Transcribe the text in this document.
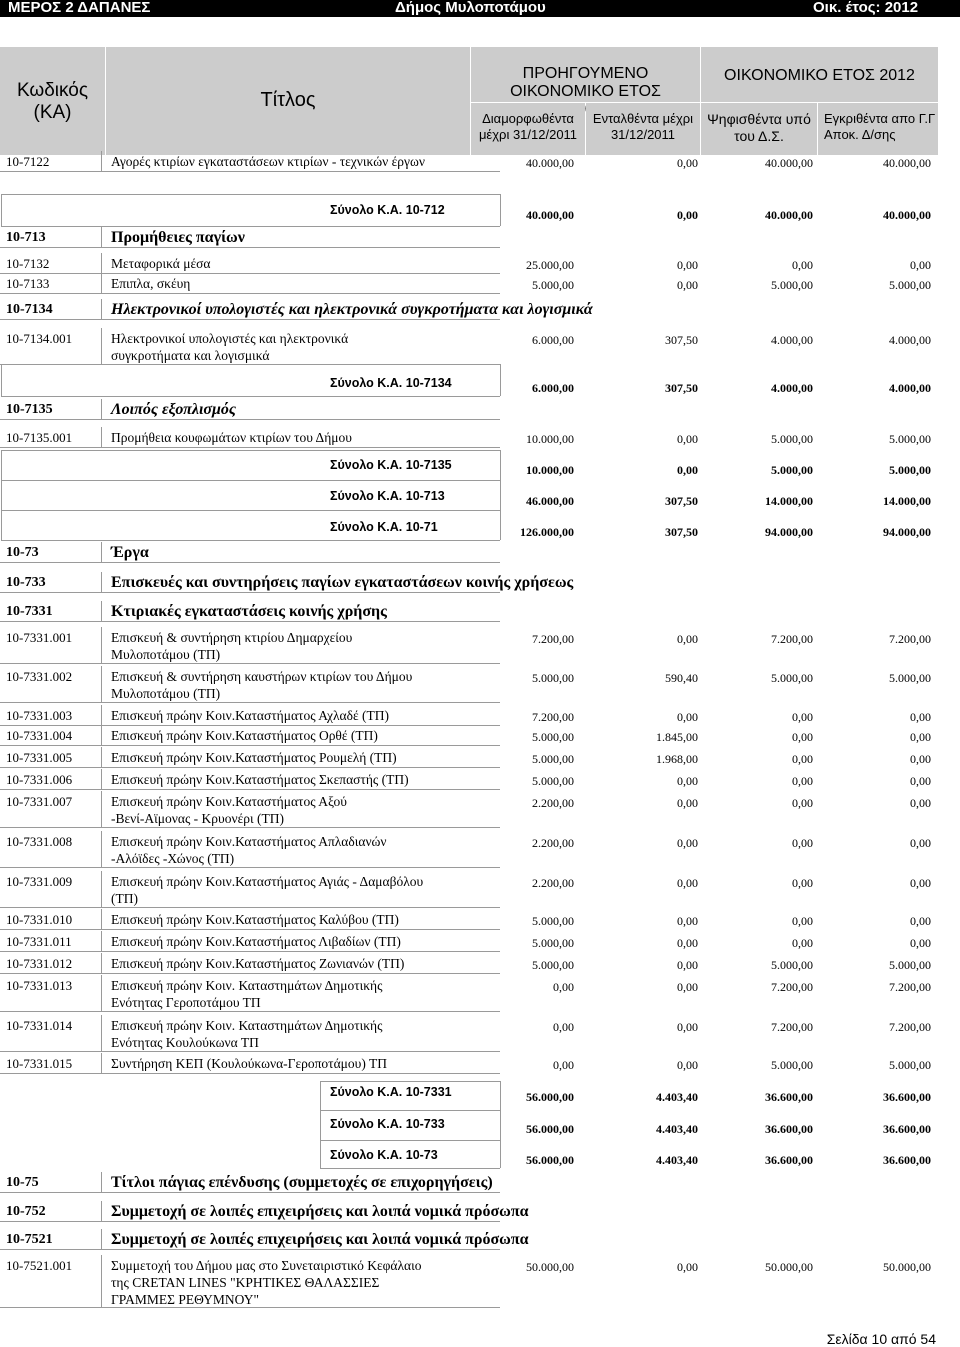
ΜΕΡΟΣ 2 ΔΑΠΑΝΕΣ	Δήμος Μυλοποτάμου	Οικ. έτος: 2012
Κωδικός (ΚΑ)
Τίτλος
ΠΡΟΗΓΟΥΜΕΝΟ ΟΙΚΟΝΟΜΙΚΟ ΕΤΟΣ
ΟΙΚΟΝΟΜΙΚΟ ΕΤΟΣ 2012
Διαμορφωθέντα μέχρι 31/12/2011
Ενταλθέντα μέχρι 31/12/2011
Ψηφισθέντα υπό του Δ.Σ.
Εγκριθέντα απο Γ.Γ Αποκ. Δ/σης
10-7122	Αγορές κτιρίων εγκαταστάσεων κτιρίων - τεχνικών έργων	40.000,00	0,00	40.000,00	40.000,00
Σύνολο Κ.Α. 10-712	40.000,00	0,00	40.000,00	40.000,00
10-713	Προμήθειες παγίων
10-7132	Μεταφορικά μέσα	25.000,00	0,00	0,00	0,00
10-7133	Επιπλα, σκέυη	5.000,00	0,00	5.000,00	5.000,00
10-7134	Ηλεκτρονικοί υπολογιστές και ηλεκτρονικά συγκροτήματα και λογισμικά
10-7134.001	Ηλεκτρονικοί υπολογιστές και ηλεκτρονικά
συγκροτήματα και λογισμικά
6.000,00	307,50	4.000,00	4.000,00
Σύνολο Κ.Α. 10-7134	6.000,00	307,50	4.000,00	4.000,00
10-7135	Λοιπός εξοπλισμός
10-7135.001	Προμήθεια κουφωμάτων κτιρίων του Δήμου	10.000,00	0,00	5.000,00	5.000,00
Σύνολο Κ.Α. 10-7135	10.000,00	0,00	5.000,00	5.000,00
Σύνολο Κ.Α. 10-713	46.000,00	307,50	14.000,00	14.000,00
Σύνολο Κ.Α. 10-71	126.000,00	307,50	94.000,00	94.000,00
10-73	Έργα
10-733	Επισκευές και συντηρήσεις παγίων εγκαταστάσεων κοινής χρήσεως
10-7331	Κτιριακές εγκαταστάσεις κοινής χρήσης
10-7331.001	Επισκευή & συντήρηση κτιρίου Δημαρχείου
Μυλοποτάμου (ΤΠ)
7.200,00	0,00	7.200,00	7.200,00
10-7331.002	Επισκευή & συντήρηση καυστήρων κτιρίων του Δήμου
Μυλοποτάμου (ΤΠ)
5.000,00	590,40	5.000,00	5.000,00
10-7331.003	Επισκευή πρώην Κοιν.Καταστήματος Αχλαδέ (ΤΠ)	7.200,00	0,00	0,00	0,00
10-7331.004	Επισκευή πρώην Κοιν.Καταστήματος Ορθέ (ΤΠ)	5.000,00	1.845,00	0,00	0,00
10-7331.005	Επισκευή πρώην Κοιν.Καταστήματος Ρουμελή (ΤΠ)	5.000,00	1.968,00	0,00	0,00
10-7331.006	Επισκευή πρώην Κοιν.Καταστήματος Σκεπαστής (ΤΠ)	5.000,00	0,00	0,00	0,00
10-7331.007	Επισκευή πρώην Κοιν.Καταστήματος Αξού
-Βενί-Αϊμονας - Κρυονέρι (ΤΠ)
2.200,00	0,00	0,00	0,00
10-7331.008	Επισκευή πρώην Κοιν.Καταστήματος Απλαδιανών
-Αλόϊδες -Χώνος (ΤΠ)
2.200,00	0,00	0,00	0,00
10-7331.009	Επισκευή πρώην Κοιν.Καταστήματος Αγιάς - Δαμαβόλου
(ΤΠ)
2.200,00	0,00	0,00	0,00
10-7331.010	Επισκευή πρώην Κοιν.Καταστήματος Καλύβου (ΤΠ)	5.000,00	0,00	0,00	0,00
10-7331.011	Επισκευή πρώην Κοιν.Καταστήματος Λιβαδίων (ΤΠ)	5.000,00	0,00	0,00	0,00
10-7331.012	Επισκευή πρώην Κοιν.Καταστήματος Ζωνιανών (ΤΠ)	5.000,00	0,00	5.000,00	5.000,00
10-7331.013	Επισκευή πρώην Κοιν. Καταστημάτων Δημοτικής
Ενότητας Γεροποτάμου ΤΠ
0,00	0,00	7.200,00	7.200,00
10-7331.014	Επισκευή πρώην Κοιν. Καταστημάτων Δημοτικής
Ενότητας Κουλούκωνα ΤΠ
0,00	0,00	7.200,00	7.200,00
10-7331.015	Συντήρηση ΚΕΠ (Κουλούκωνα-Γεροποτάμου) ΤΠ	0,00	0,00	5.000,00	5.000,00
Σύνολο Κ.Α. 10-7331	56.000,00	4.403,40	36.600,00	36.600,00
Σύνολο Κ.Α. 10-733	56.000,00	4.403,40	36.600,00	36.600,00
Σύνολο Κ.Α. 10-73	56.000,00	4.403,40	36.600,00	36.600,00
10-75	Τίτλοι πάγιας επένδυσης (συμμετοχές σε επιχορηγήσεις)
10-752	Συμμετοχή σε λοιπές επιχειρήσεις και λοιπά νομικά πρόσωπα
10-7521	Συμμετοχή σε λοιπές επιχειρήσεις και λοιπά νομικά πρόσωπα
10-7521.001	Συμμετοχή του Δήμου μας στο Συνεταιριστικό Κεφάλαιο
της CRETAN LINES "ΚΡΗΤΙΚΕΣ ΘΑΛΑΣΣΙΕΣ
ΓΡΑΜΜΕΣ ΡΕΘΥΜΝΟΥ"
50.000,00	0,00	50.000,00	50.000,00
Σελίδα 10 από 54
